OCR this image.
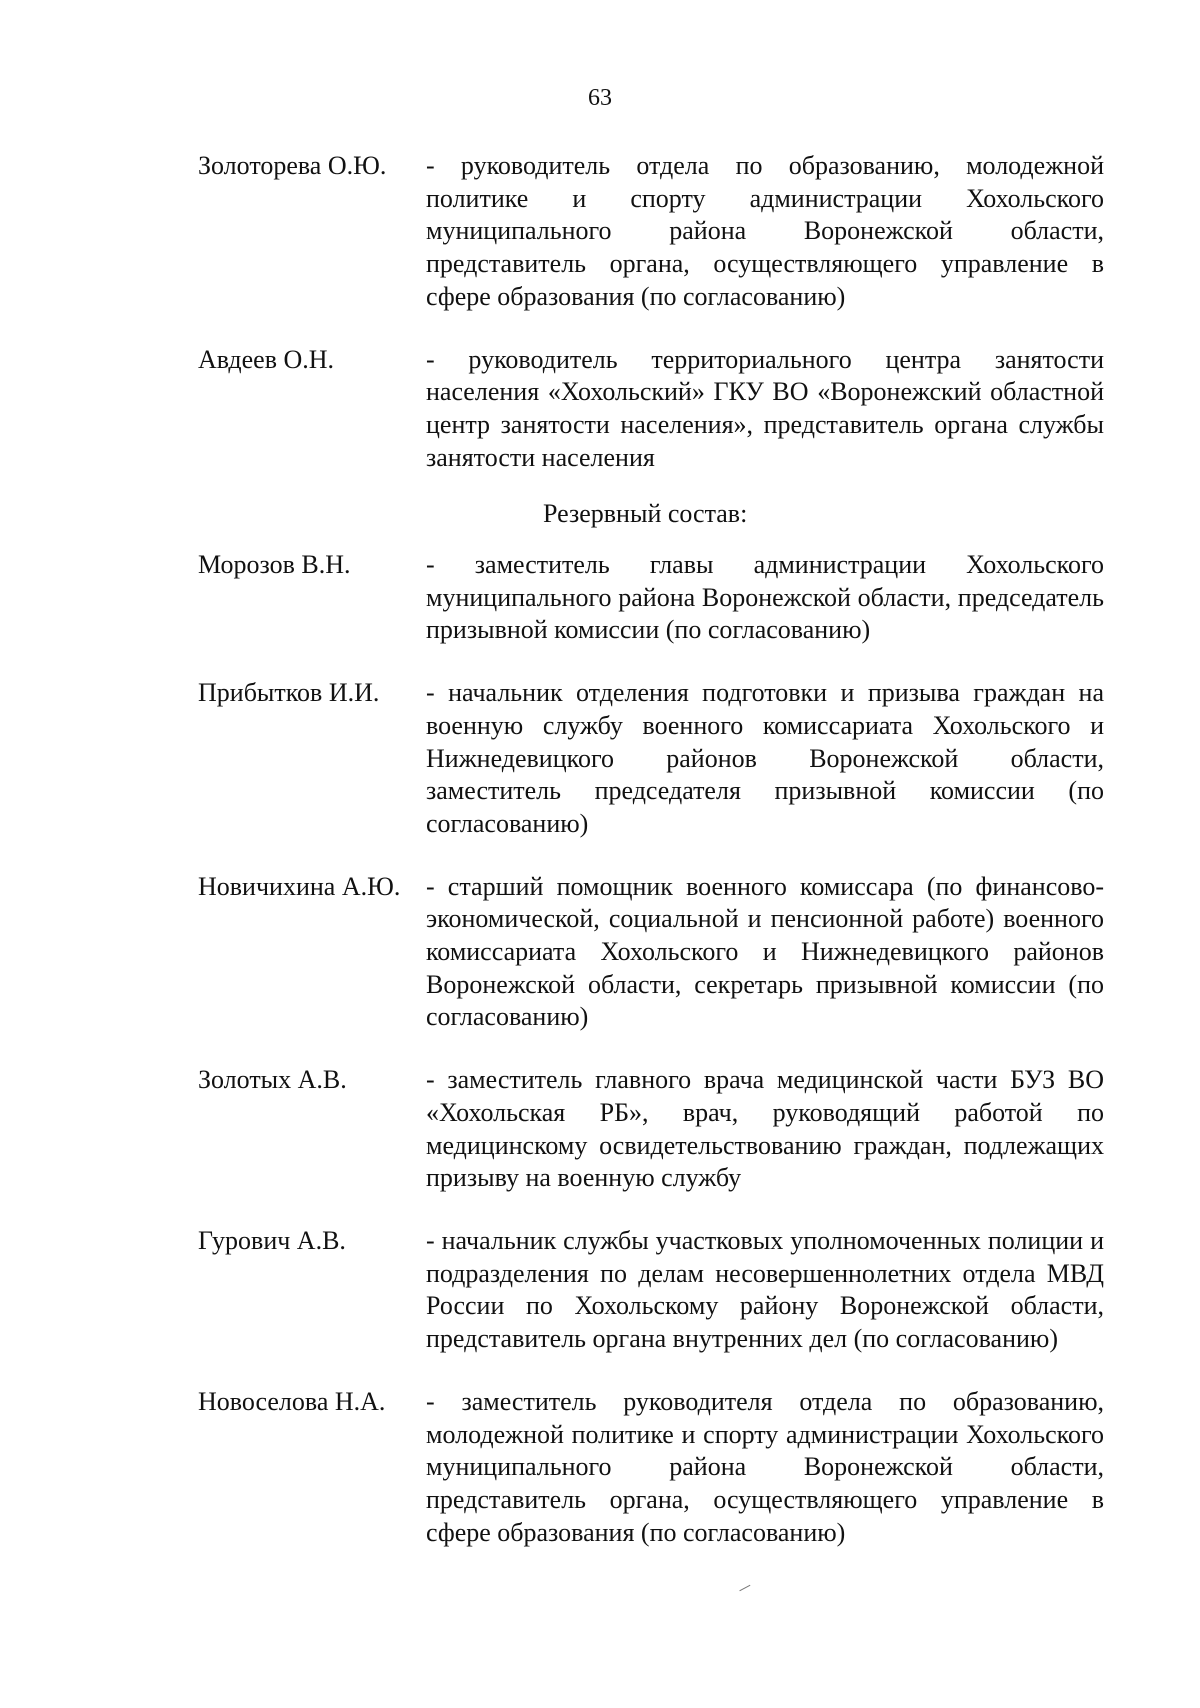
63
Золоторева О.Ю.	- руководитель отдела по образованию, молодежной политике и спорту администрации Хохольского муниципального района Воронежской области, представитель органа, осуществляющего управление в сфере образования (по согласованию)
Авдеев О.Н.	- руководитель территориального центра занятости населения «Хохольский» ГКУ ВО «Воронежский областной центр занятости населения», представитель органа службы занятости населения
Резервный состав:
Морозов В.Н.	- заместитель главы администрации Хохольского муниципального района Воронежской области, председатель призывной комиссии (по согласованию)
Прибытков И.И.	- начальник отделения подготовки и призыва граждан на военную службу военного комиссариата Хохольского и Нижнедевицкого районов Воронежской области, заместитель председателя призывной комиссии (по согласованию)
Новичихина А.Ю. - старший помощник военного комиссара (по финансово-экономической, социальной и пенсионной работе) военного комиссариата Хохольского и Нижнедевицкого районов Воронежской области, секретарь призывной комиссии (по согласованию)
Золотых А.В.	- заместитель главного врача медицинской части БУЗ ВО «Хохольская РБ», врач, руководящий работой по медицинскому освидетельствованию граждан, подлежащих призыву на военную службу
Гурович А.В.	- начальник службы участковых уполномоченных полиции и подразделения по делам несовершеннолетних отдела МВД России по Хохольскому району Воронежской области, представитель органа внутренних дел (по согласованию)
Новоселова Н.А.	- заместитель руководителя отдела по образованию, молодежной политике и спорту администрации Хохольского муниципального района Воронежской области, представитель органа, осуществляющего управление в сфере образования (по согласованию)
